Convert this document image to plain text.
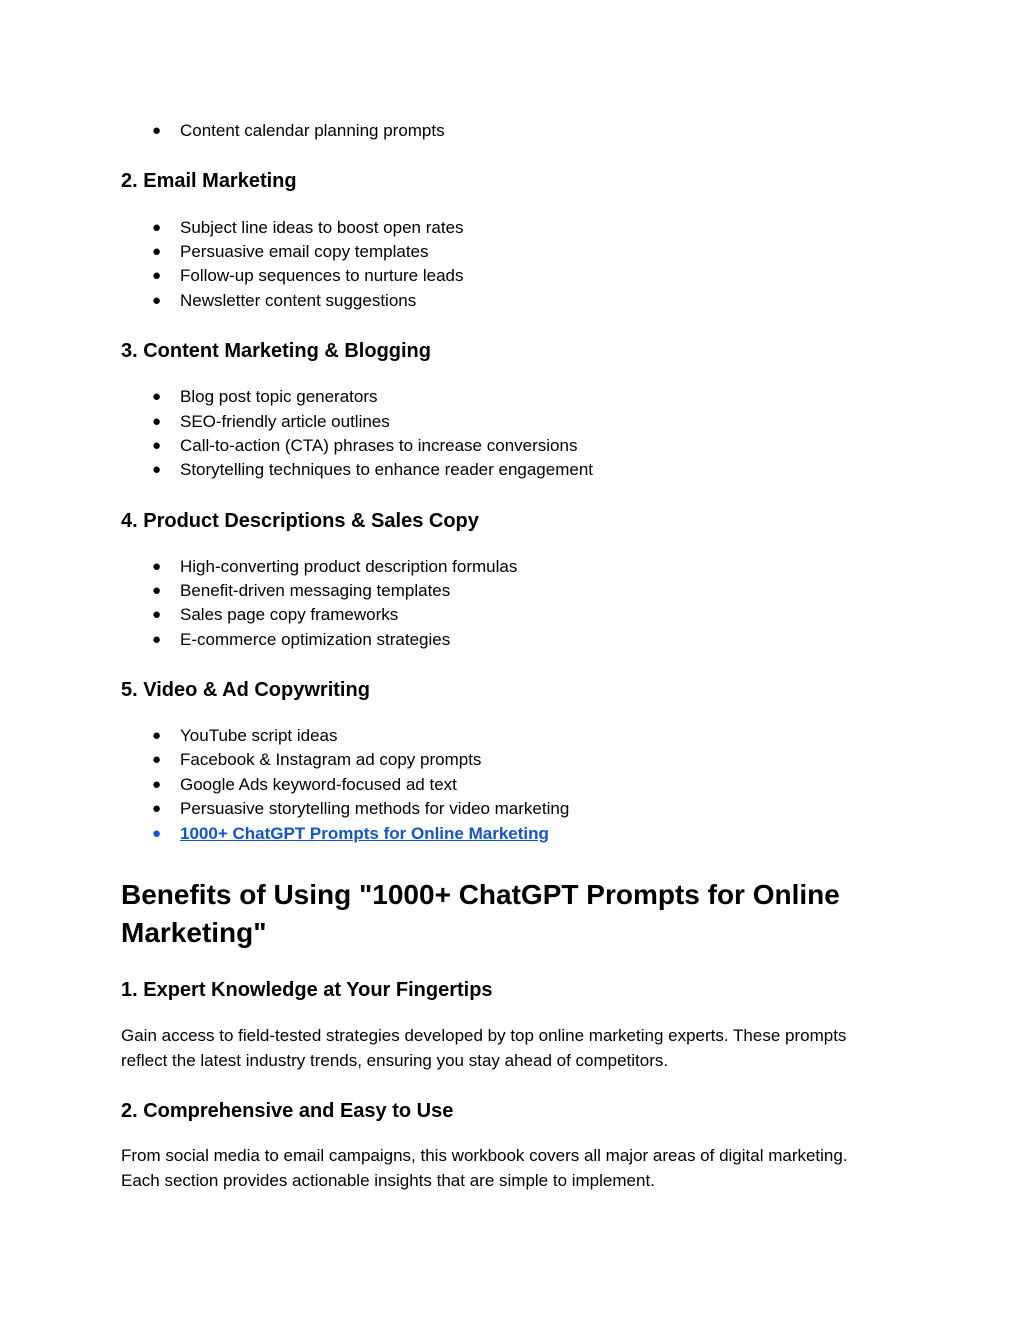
● Content calendar planning prompts
2. Email Marketing
● Subject line ideas to boost open rates
● Persuasive email copy templates
● Follow-up sequences to nurture leads
● Newsletter content suggestions
3. Content Marketing & Blogging
● Blog post topic generators
● SEO-friendly article outlines
● Call-to-action (CTA) phrases to increase conversions
● Storytelling techniques to enhance reader engagement
4. Product Descriptions & Sales Copy
● High-converting product description formulas
● Benefit-driven messaging templates
● Sales page copy frameworks
● E-commerce optimization strategies
5. Video & Ad Copywriting
● YouTube script ideas
● Facebook & Instagram ad copy prompts
● Google Ads keyword-focused ad text
● Persuasive storytelling methods for video marketing
● 1000+ ChatGPT Prompts for Online Marketing
Benefits of Using "1000+ ChatGPT Prompts for Online Marketing"
1. Expert Knowledge at Your Fingertips
Gain access to field-tested strategies developed by top online marketing experts. These prompts reflect the latest industry trends, ensuring you stay ahead of competitors.
2. Comprehensive and Easy to Use
From social media to email campaigns, this workbook covers all major areas of digital marketing. Each section provides actionable insights that are simple to implement.
